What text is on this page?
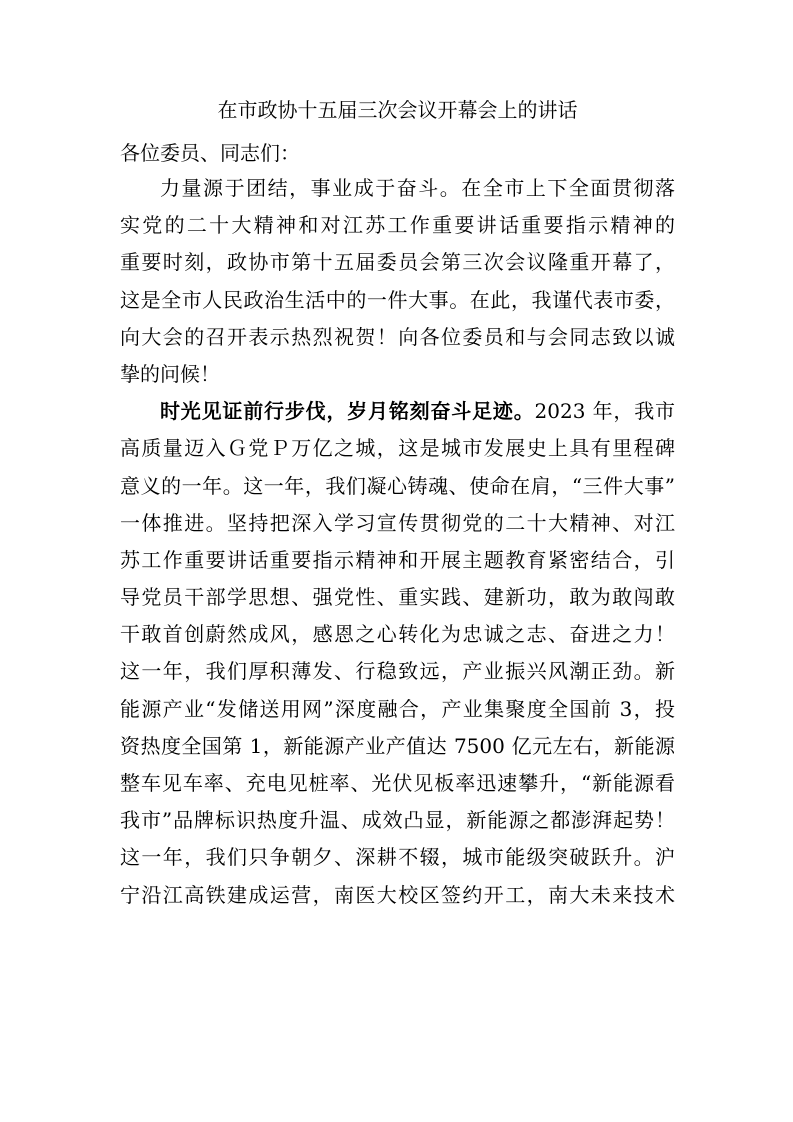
在市政协十五届三次会议开幕会上的讲话
各位委员、同志们：
力量源于团结，事业成于奋斗。在全市上下全面贯彻落
实党的二十大精神和对江苏工作重要讲话重要指示精神的
重要时刻，政协市第十五届委员会第三次会议隆重开幕了，
这是全市人民政治生活中的一件大事。在此，我谨代表市委，
向大会的召开表示热烈祝贺！向各位委员和与会同志致以诚
挚的问候！
时光见证前行步伐，岁月铭刻奋斗足迹。2023 年，我市
高质量迈入Ｇ党Ｐ万亿之城，这是城市发展史上具有里程碑
意义的一年。这一年，我们凝心铸魂、使命在肩，“三件大事”
一体推进。坚持把深入学习宣传贯彻党的二十大精神、对江
苏工作重要讲话重要指示精神和开展主题教育紧密结合，引
导党员干部学思想、强党性、重实践、建新功，敢为敢闯敢
干敢首创蔚然成风，感恩之心转化为忠诚之志、奋进之力！
这一年，我们厚积薄发、行稳致远，产业振兴风潮正劲。新
能源产业“发储送用网”深度融合，产业集聚度全国前 3，投
资热度全国第 1，新能源产业产值达 7500 亿元左右，新能源
整车见车率、充电见桩率、光伏见板率迅速攀升，“新能源看
我市”品牌标识热度升温、成效凸显，新能源之都澎湃起势！
这一年，我们只争朝夕、深耕不辍，城市能级突破跃升。沪
宁沿江高铁建成运营，南医大校区签约开工，南大未来技术
